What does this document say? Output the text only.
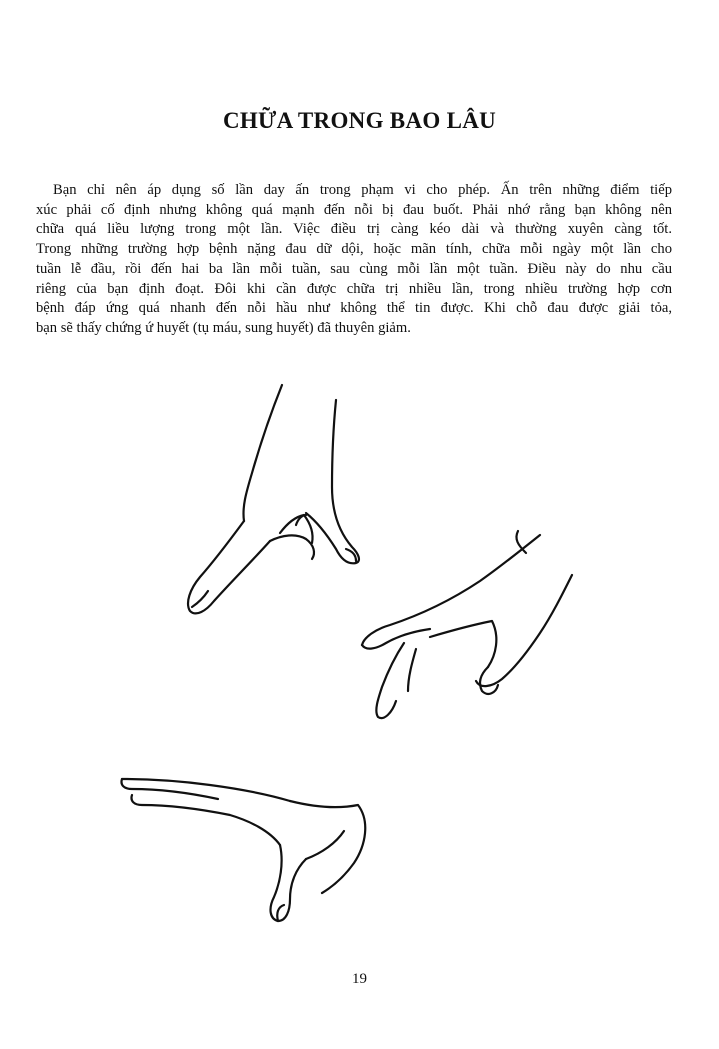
CHỮA TRONG BAO LÂU

Bạn chỉ nên áp dụng số lần day ấn trong phạm vi cho phép. Ấn trên những điểm tiếp
xúc phải cố định nhưng không quá mạnh đến nỗi bị đau buốt. Phải nhớ rằng bạn không nên
chữa quá liều lượng trong một lần. Việc điều trị càng kéo dài và thường xuyên càng tốt.
Trong những trường hợp bệnh nặng đau dữ dội, hoặc mãn tính, chữa mỗi ngày một lần cho
tuần lễ đầu, rồi đến hai ba lần mỗi tuần, sau cùng mỗi lần một tuần. Điều này do nhu cầu
riêng của bạn định đoạt. Đôi khi cần được chữa trị nhiều lần, trong nhiều trường hợp cơn
bệnh đáp ứng quá nhanh đến nỗi hầu như không thể tin được. Khi chỗ đau được giải tỏa,
bạn sẽ thấy chứng ứ huyết (tụ máu, sung huyết) đã thuyên giảm.

19
